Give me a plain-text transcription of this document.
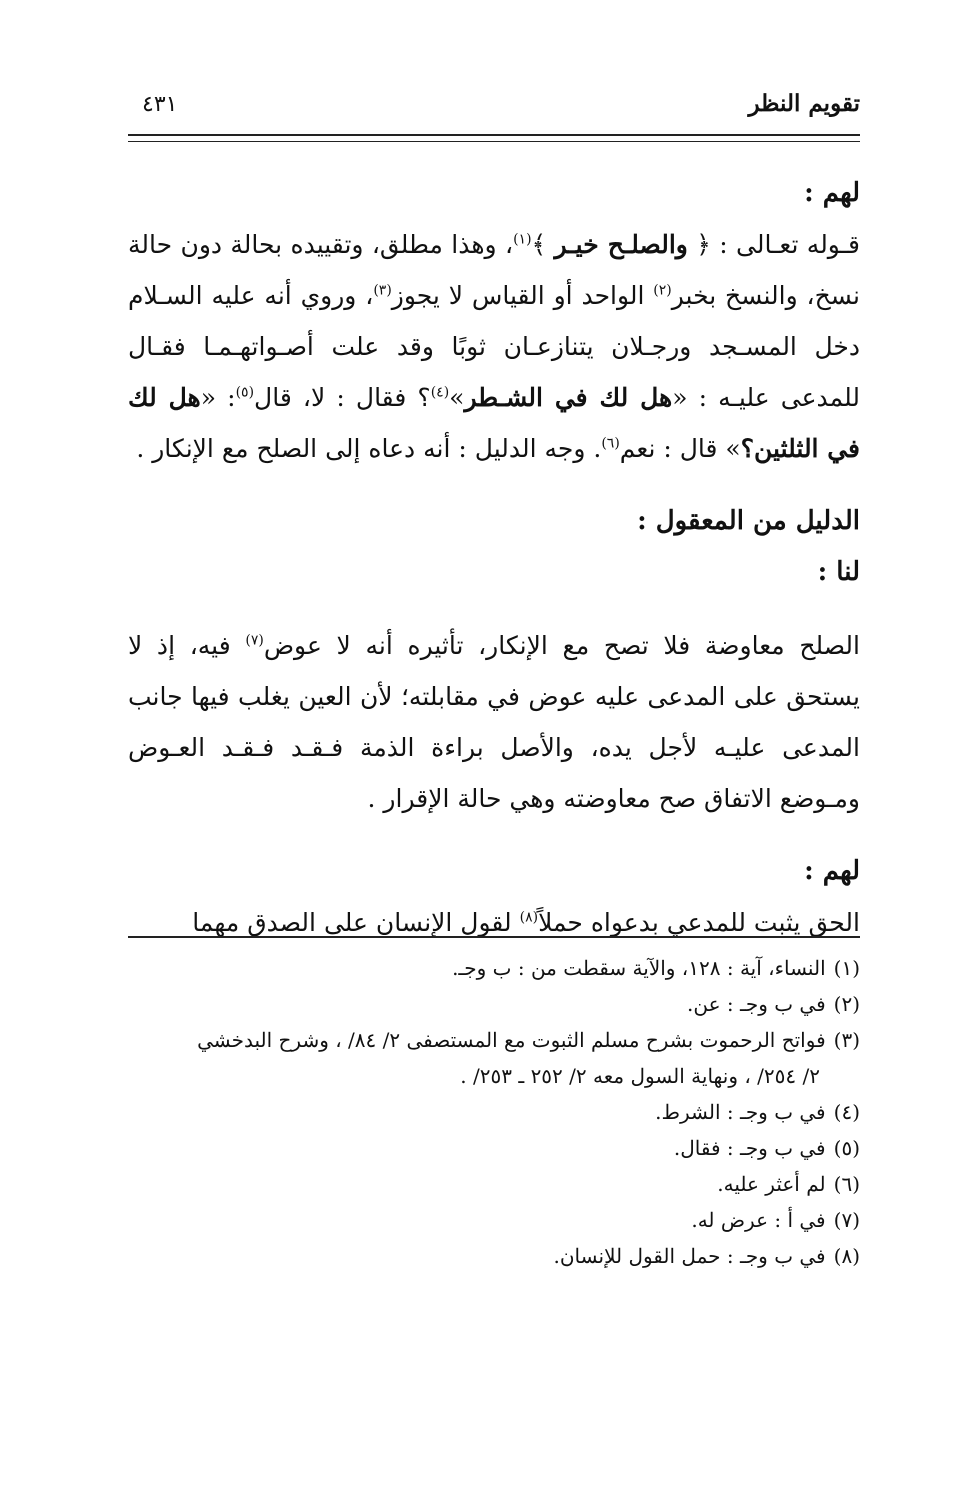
٤٣١	تقويم النظر
لهم :

قـوله تعـالى : ﴿ والصلـح خيـر ﴾$^{(١)}$، وهذا مطلق، وتقييده بحالة دون حالة نسخ، والنسخ بخبر$^{(٢)}$ الواحد أو القياس لا يجوز$^{(٣)}$، وروي أنه عليه السـلام دخل المسـجد ورجـلان يتنازعـان ثوبًا وقد علت أصـواتهـمـا فقـال للمدعى عليـه : «هل لك في الشـطر»$^{(٤)}$؟ فقال : لا، قال$^{(٥)}$: «هل لك في الثلثين؟» قال : نعم$^{(٦)}$. وجه الدليل : أنه دعاه إلى الصلح مع الإنكار .

الدليل من المعقول :
لنا :

الصلح معاوضة فلا تصح مع الإنكار، تأثيره أنه لا عوض$^{(٧)}$ فيه، إذ لا يستحق على المدعى عليه عوض في مقابلته؛ لأن العين يغلب فيها جانب المدعى عليـه لأجل يده، والأصل براءة الذمة فـقـد فـقـد العـوض ومـوضع الاتفاق صح معاوضته وهي حالة الإقرار .

لهم :

الحق يثبت للمدعي بدعواه حملاً$^{(٨)}$ لقول الإنسان على الصدق مهما

(١)النساء، آية : ١٢٨، والآية سقطت من : ب وجـ.

(٢)في ب وجـ : عن.

(٣)فواتح الرحموت بشرح مسلم الثبوت مع المستصفى ٢/ ٨٤/ ، وشرح البدخشي
٢/ ٢٥٤/ ، ونهاية السول معه ٢/ ٢٥٢ ـ ٢٥٣/ .

(٤)في ب وجـ : الشرط.

(٥)في ب وجـ : فقال.

(٦)لم أعثر عليه.

(٧)في أ : عرض له.

(٨)في ب وجـ : حمل القول للإنسان.
